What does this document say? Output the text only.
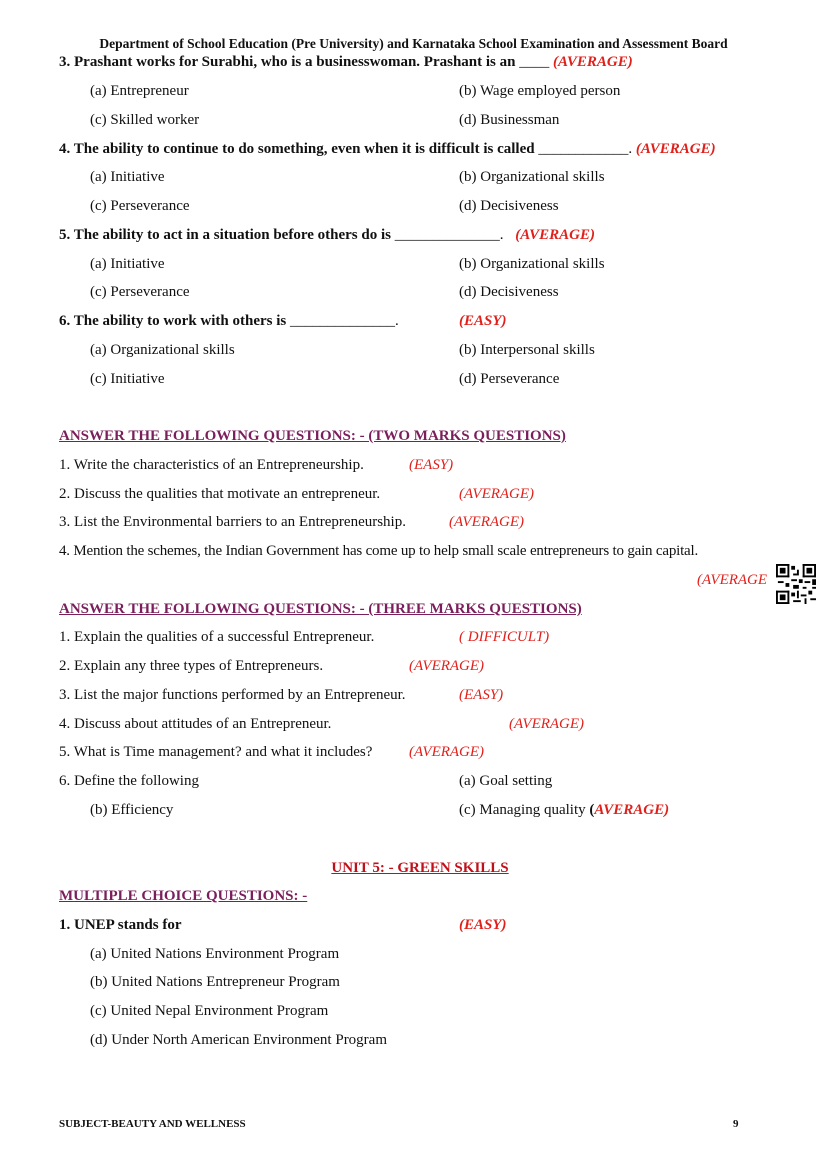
Department of School Education (Pre University) and Karnataka School Examination and Assessment Board
3. Prashant works for Surabhi, who is a businesswoman. Prashant is an ____ (AVERAGE)
(a) Entrepreneur	(b) Wage employed person
(c) Skilled worker	(d) Businessman
4. The ability to continue to do something, even when it is difficult is called ____________. (AVERAGE)
(a) Initiative	(b) Organizational skills
(c) Perseverance	(d) Decisiveness
5. The ability to act in a situation before others do is ______________. (AVERAGE)
(a) Initiative	(b) Organizational skills
(c) Perseverance	(d) Decisiveness
6. The ability to work with others is ______________.	(EASY)
(a) Organizational skills	(b) Interpersonal skills
(c) Initiative	(d) Perseverance
ANSWER THE FOLLOWING QUESTIONS: - (TWO MARKS QUESTIONS)
1. Write the characteristics of an Entrepreneurship.	(EASY)
2. Discuss the qualities that motivate an entrepreneur.	(AVERAGE)
3. List the Environmental barriers to an Entrepreneurship.	(AVERAGE)
4. Mention the schemes, the Indian Government has come up to help small scale entrepreneurs to gain capital.
(AVERAGE
ANSWER THE FOLLOWING QUESTIONS: - (THREE MARKS QUESTIONS)
1. Explain the qualities of a successful Entrepreneur.	( DIFFICULT)
2. Explain any three types of Entrepreneurs.	(AVERAGE)
3. List the major functions performed by an Entrepreneur.	(EASY)
4. Discuss about attitudes of an Entrepreneur.	(AVERAGE)
5. What is Time management? and what it includes? (AVERAGE)
6. Define the following	(a) Goal setting
(b) Efficiency	(c) Managing quality (AVERAGE)
UNIT 5: - GREEN SKILLS
MULTIPLE CHOICE QUESTIONS: -
1. UNEP stands for	(EASY)
(a) United Nations Environment Program
(b) United Nations Entrepreneur Program
(c) United Nepal Environment Program
(d) Under North American Environment Program
SUBJECT-BEAUTY AND WELLNESS	9
